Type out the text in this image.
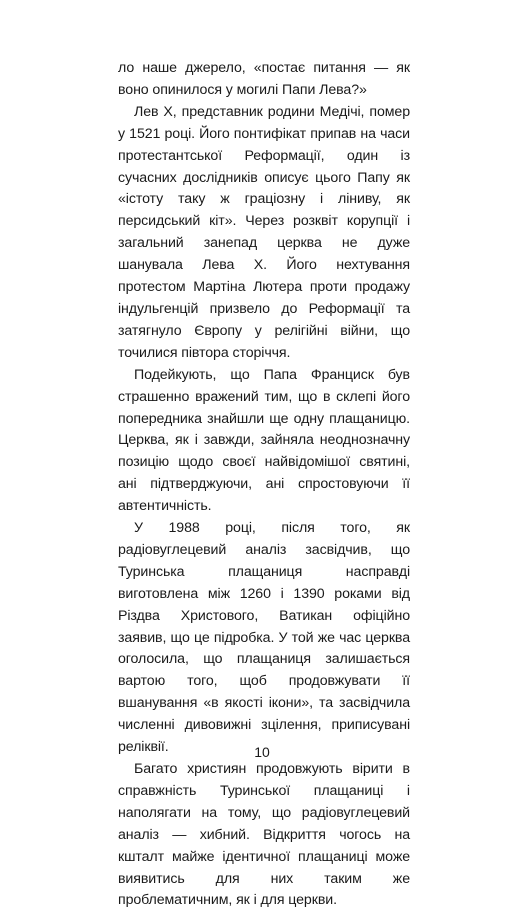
ло наше джерело, «постає питання — як воно опинилося у могилі Папи Лева?»

Лев Х, представник родини Медічі, помер у 1521 році. Його понтифікат припав на часи протестантської Реформації, один із сучасних дослідників описує цього Папу як «істоту таку ж граціозну і ліниву, як персидський кіт». Через розквіт корупції і загальний занепад церква не дуже шанувала Лева Х. Його нехтування протестом Мартіна Лютера проти продажу індульгенцій призвело до Реформації та затягнуло Європу у релігійні війни, що точилися півтора сторіччя.

Подейкують, що Папа Франциск був страшенно вражений тим, що в склепі його попередника знайшли ще одну плащаницю. Церква, як і завжди, зайняла неоднозначну позицію щодо своєї найвідомішої святині, ані підтверджуючи, ані спростовуючи її автентичність.

У 1988 році, після того, як радіовуглецевий аналіз засвідчив, що Туринська плащаниця насправді виготовлена між 1260 і 1390 роками від Різдва Христового, Ватикан офіційно заявив, що це підробка. У той же час церква оголосила, що плащаниця залишається вартою того, щоб продовжувати її вшанування «в якості ікони», та засвідчила численні дивовижні зцілення, приписувані реліквії.

Багато християн продовжують вірити в справжність Туринської плащаниці і наполягати на тому, що радіовуглецевий аналіз — хибний. Відкриття чогось на кшталт майже ідентичної плащаниці може виявитись для них таким же проблематичним, як і для церкви.

10
